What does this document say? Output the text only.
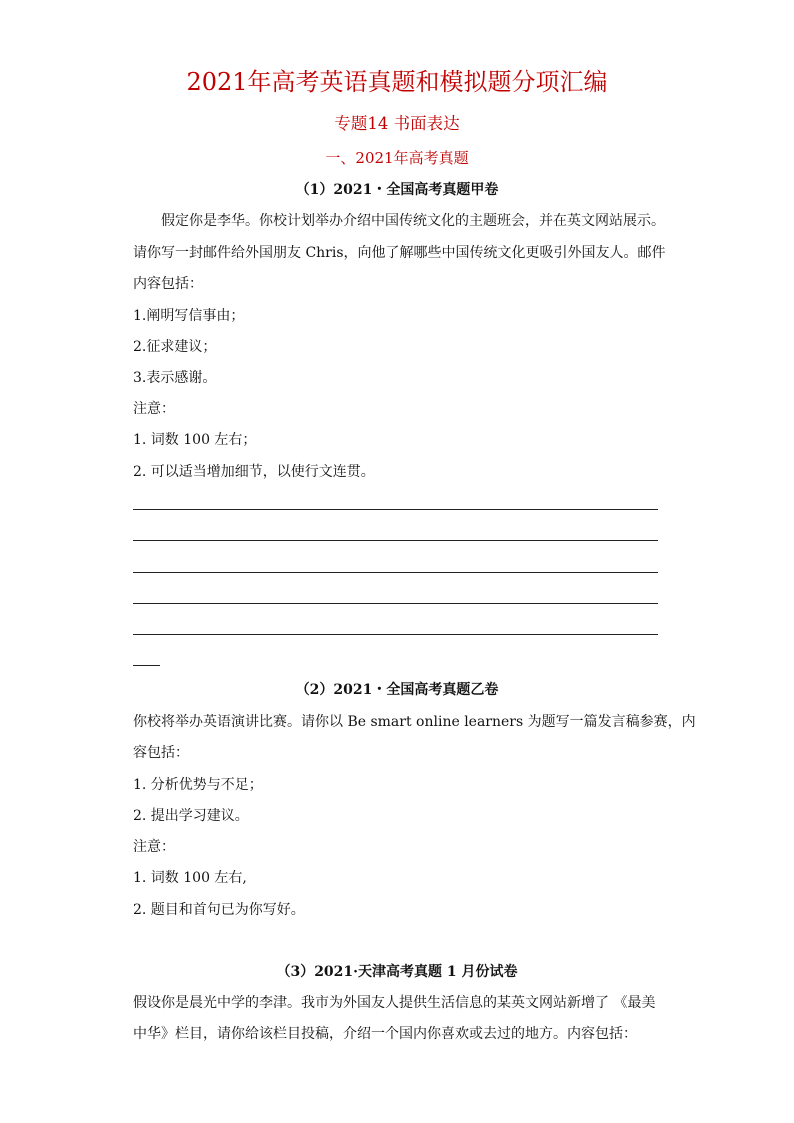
2021年高考英语真题和模拟题分项汇编
专题14 书面表达
一、2021年高考真题
（1）2021・全国高考真题甲卷
假定你是李华。你校计划举办介绍中国传统文化的主题班会，并在英文网站展示。
请你写一封邮件给外国朋友 Chris，向他了解哪些中国传统文化更吸引外国友人。邮件
内容包括：
1.阐明写信事由；
2.征求建议；
3.表示感谢。
注意：
1. 词数 100 左右；
2. 可以适当增加细节，以使行文连贯。
（2）2021・全国高考真题乙卷
你校将举办英语演讲比赛。请你以 Be smart online learners 为题写一篇发言稿参赛，内
容包括：
1. 分析优势与不足；
2. 提出学习建议。
注意：
1. 词数 100 左右,
2. 题目和首句已为你写好。
（3）2021·天津高考真题 1 月份试卷
假设你是晨光中学的李津。我市为外国友人提供生活信息的某英文网站新增了 《最美
中华》栏目，请你给该栏目投稿，介绍一个国内你喜欢或去过的地方。内容包括：
